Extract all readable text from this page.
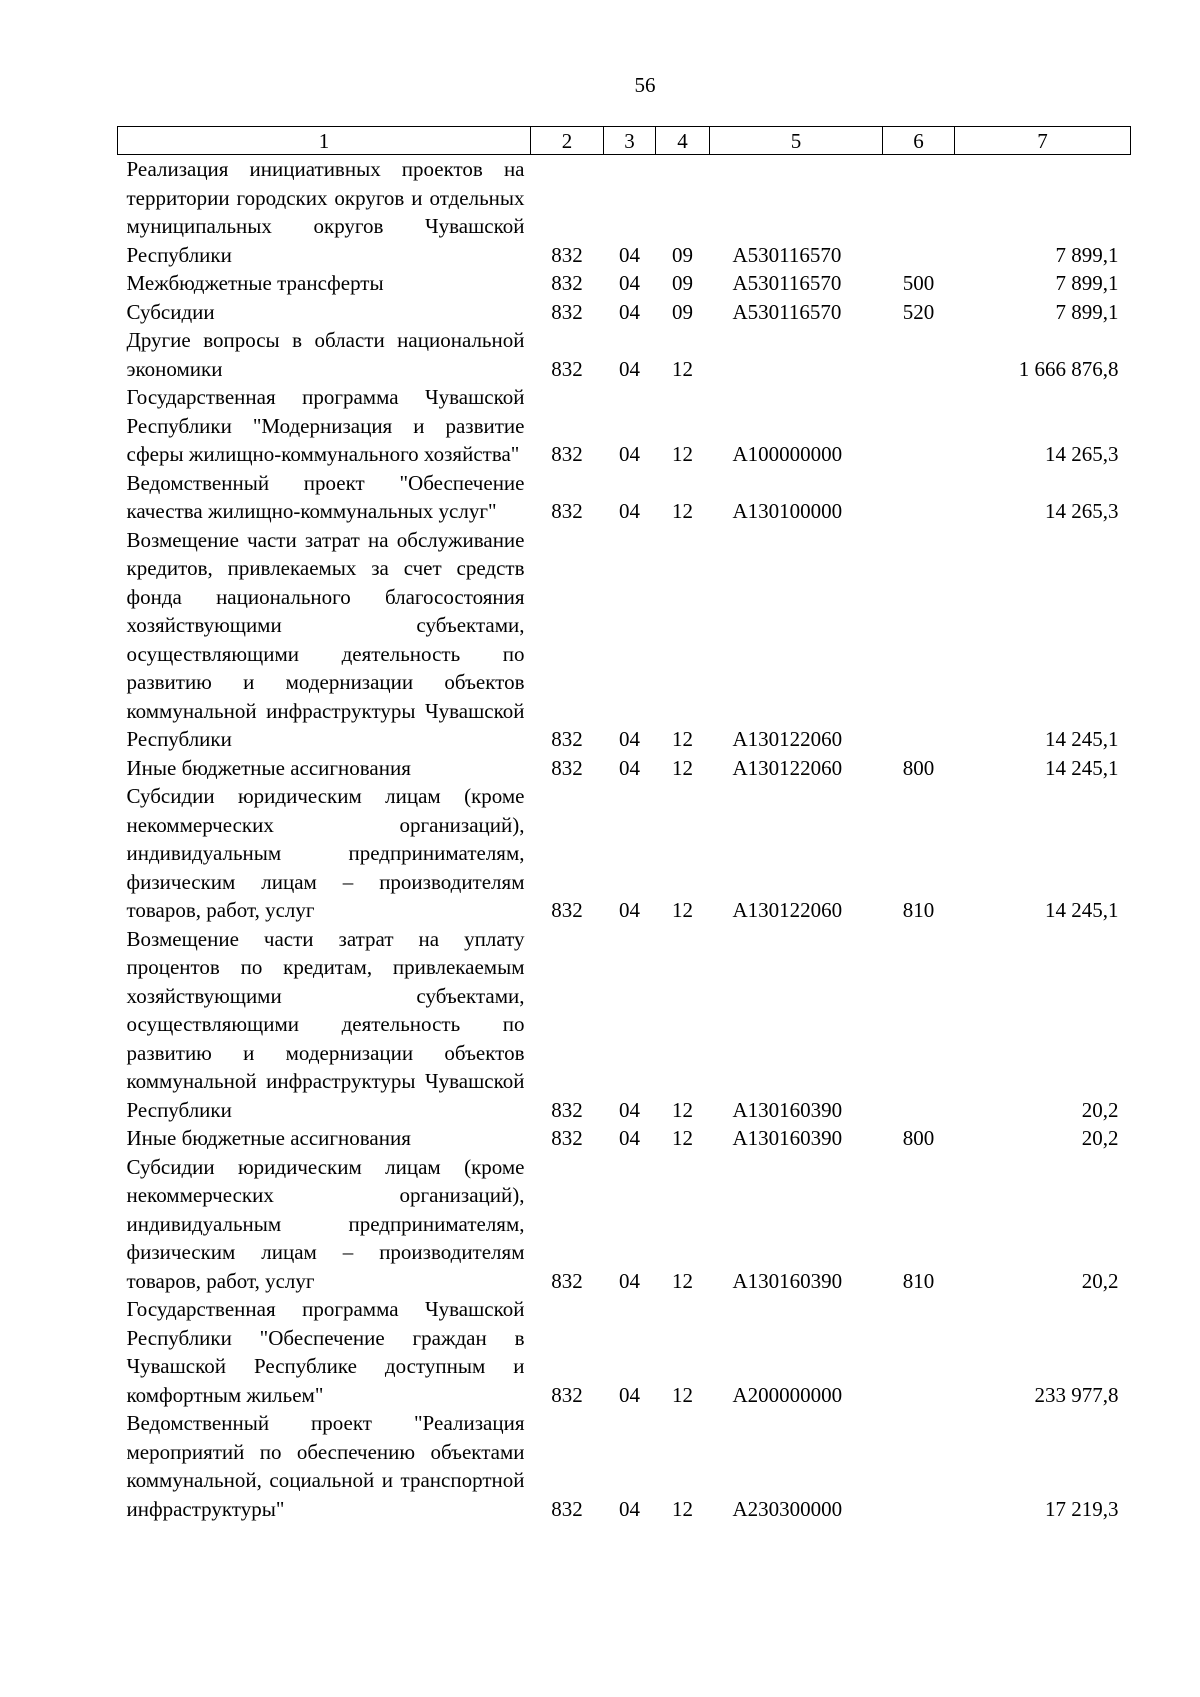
56
1	2	3	4	5	6	7
Реализация инициативных проектов на территории городских округов и отдельных муниципальных округов Чувашской Республики	832	04	09	А530116570		7 899,1
Межбюджетные трансферты	832	04	09	А530116570	500	7 899,1
Субсидии	832	04	09	А530116570	520	7 899,1
Другие вопросы в области национальной экономики	832	04	12			1 666 876,8
Государственная программа Чувашской Республики "Модернизация и развитие сферы жилищно-коммунального хозяйства"	832	04	12	А100000000		14 265,3
Ведомственный проект "Обеспечение качества жилищно-коммунальных услуг"	832	04	12	А130100000		14 265,3
Возмещение части затрат на обслуживание кредитов, привлекаемых за счет средств фонда национального благосостояния хозяйствующими субъектами, осуществляющими деятельность по развитию и модернизации объектов коммунальной инфраструктуры Чувашской Республики	832	04	12	А130122060		14 245,1
Иные бюджетные ассигнования	832	04	12	А130122060	800	14 245,1
Субсидии юридическим лицам (кроме некоммерческих организаций), индивидуальным предпринимателям, физическим лицам – производителям товаров, работ, услуг	832	04	12	А130122060	810	14 245,1
Возмещение части затрат на уплату процентов по кредитам, привлекаемым хозяйствующими субъектами, осуществляющими деятельность по развитию и модернизации объектов коммунальной инфраструктуры Чувашской Республики	832	04	12	А130160390		20,2
Иные бюджетные ассигнования	832	04	12	А130160390	800	20,2
Субсидии юридическим лицам (кроме некоммерческих организаций), индивидуальным предпринимателям, физическим лицам – производителям товаров, работ, услуг	832	04	12	А130160390	810	20,2
Государственная программа Чувашской Республики "Обеспечение граждан в Чувашской Республике доступным и комфортным жильем"	832	04	12	А200000000		233 977,8
Ведомственный проект "Реализация мероприятий по обеспечению объектами коммунальной, социальной и транспортной инфраструктуры"	832	04	12	А230300000		17 219,3
